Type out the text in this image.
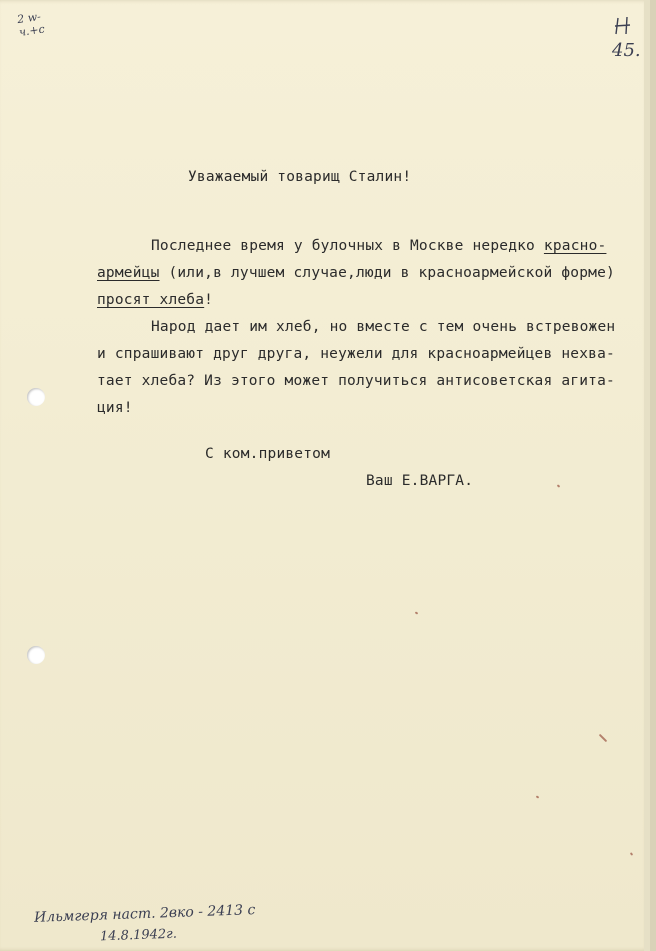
2 w- ч.+с
45.
Уважаемый товарищ Сталин!
Последнее время у булочных в Москве нередко красно-
армейцы (или,в лучшем случае,люди в красноармейской форме)
просят хлеба!
Народ дает им хлеб, но вместе с тем очень встревожен
и спрашивают друг друга, неужели для красноармейцев нехва-
тает хлеба? Из этого может получиться антисоветская агита-
ция!
С ком.приветом
Ваш Е.ВАРГА.
Ильмгеря наст. 2вко - 2413 с
14.8.1942г.
